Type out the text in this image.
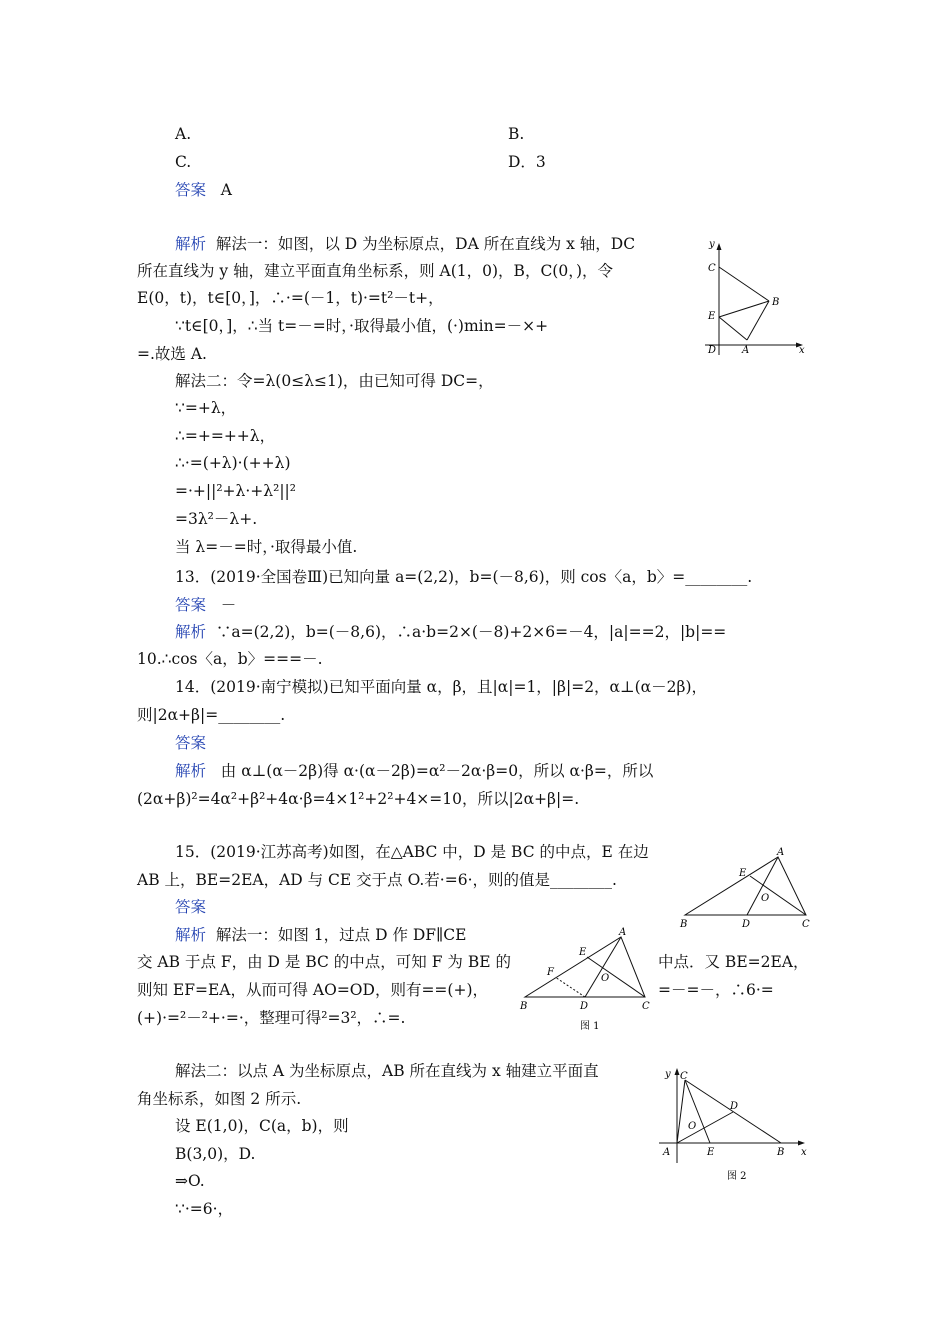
A.	B.
C.	D．3
答案 A
解析 解法一：如图，以 D 为坐标原点，DA 所在直线为 x 轴，DC
所在直线为 y 轴，建立平面直角坐标系，则 A(1，0)，B，C(0，)，令
E(0，t)，t∈[0，]，∴·=(－1，t)·=t²－t+，
∵t∈[0，]，∴当 t=－=时，·取得最小值，(·)min=－×+
=.故选 A.
解法二：令=λ(0≤λ≤1)，由已知可得 DC=，
∵=+λ，
∴=+=++λ，
∴·=(+λ)·(++λ)
=·+||²+λ·+λ²||²
=3λ²－λ+.
当 λ=－=时，·取得最小值.
y
C
B
E
D	A	x
13．(2019·全国卷Ⅲ)已知向量 a=(2,2)，b=(－8,6)，则 cos〈a，b〉=________.
答案 －
解析 ∵a=(2,2)，b=(－8,6)，∴a·b=2×(－8)+2×6=－4，|a|==2，|b|==
10.∴cos〈a，b〉===－.
14．(2019·南宁模拟)已知平面向量 α，β，且|α|=1，|β|=2，α⊥(α－2β)，
则|2α+β|=________.
答案
解析 由 α⊥(α－2β)得 α·(α－2β)=α²－2α·β=0，所以 α·β=，所以
(2α+β)²=4α²+β²+4α·β=4×1²+2²+4×=10，所以|2α+β|=.
15．(2019·江苏高考)如图，在△ABC 中，D 是 BC 的中点，E 在边
AB 上，BE=2EA，AD 与 CE 交于点 O.若·=6·，则的值是________.
答案
解析 解法一：如图 1，过点 D 作 DF∥CE
交 AB 于点 F，由 D 是 BC 的中点，可知 F 为 BE 的	中点．又 BE=2EA，
则知 EF=EA，从而可得 AO=OD，则有==(+)，	=－=－，∴6·=
(+)·=²－²+·=·，整理可得²=3²，∴=.
解法二：以点 A 为坐标原点，AB 所在直线为 x 轴建立平面直
角坐标系，如图 2 所示.
设 E(1,0)，C(a，b)，则
B(3,0)，D.
⇒O.
∵·=6·，
A
E
O
B	D	C
A
E
F
O
B	D	C
图 1
y C
D
O
A	E	B x
图 2
